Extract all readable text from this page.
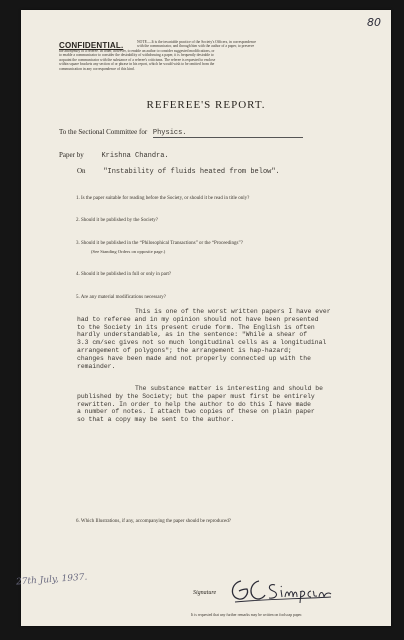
80
CONFIDENTIAL.	NOTE.—It is the invariable practice of the Society's Officers, in correspondence
with the communicator, and through him with the author of a paper, to preserve
the anonymity of a referee. In order, however, to enable an author to consider suggested modifications, or
to enable a communicator to consider the desirability of withdrawing a paper, it is frequently desirable to
acquaint the communicator with the substance of a referee's criticisms. The referee is requested to enclose
within square brackets any section of or phrase in his report, which he would wish to be omitted from the
communication in any correspondence of this kind.
REFEREE'S REPORT.
To the Sectional Committee for Physics.
Paper by	Krishna Chandra.
On	"Instability of fluids heated from below".
1. Is the paper suitable for reading before the Society, or should it be read in title only?
2. Should it be published by the Society?
3. Should it be published in the “Philosophical Transactions” or the “Proceedings”?
(See Standing Orders on opposite page.)
4. Should it be published in full or only in part?
5. Are any material modifications necessary?
This is one of the worst written papers I have ever
had to referee and in my opinion should not have been presented
to the Society in its present crude form. The English is often
hardly understandable, as in the sentence: "While a shear of
3.3 cm/sec gives not so much longitudinal cells as a longitudinal
arrangement of polygons"; the arrangement is hap-hazard;
changes have been made and not properly connected up with the
remainder.
The substance matter is interesting and should be
published by the Society; but the paper must first be entirely
rewritten. In order to help the author to do this I have made
a number of notes. I attach two copies of these on plain paper
so that a copy may be sent to the author.
6. Which Illustrations, if any, accompanying the paper should be reproduced?
Signature
It is requested that any further remarks may be written on foolscap paper.
27th July, 1937.
